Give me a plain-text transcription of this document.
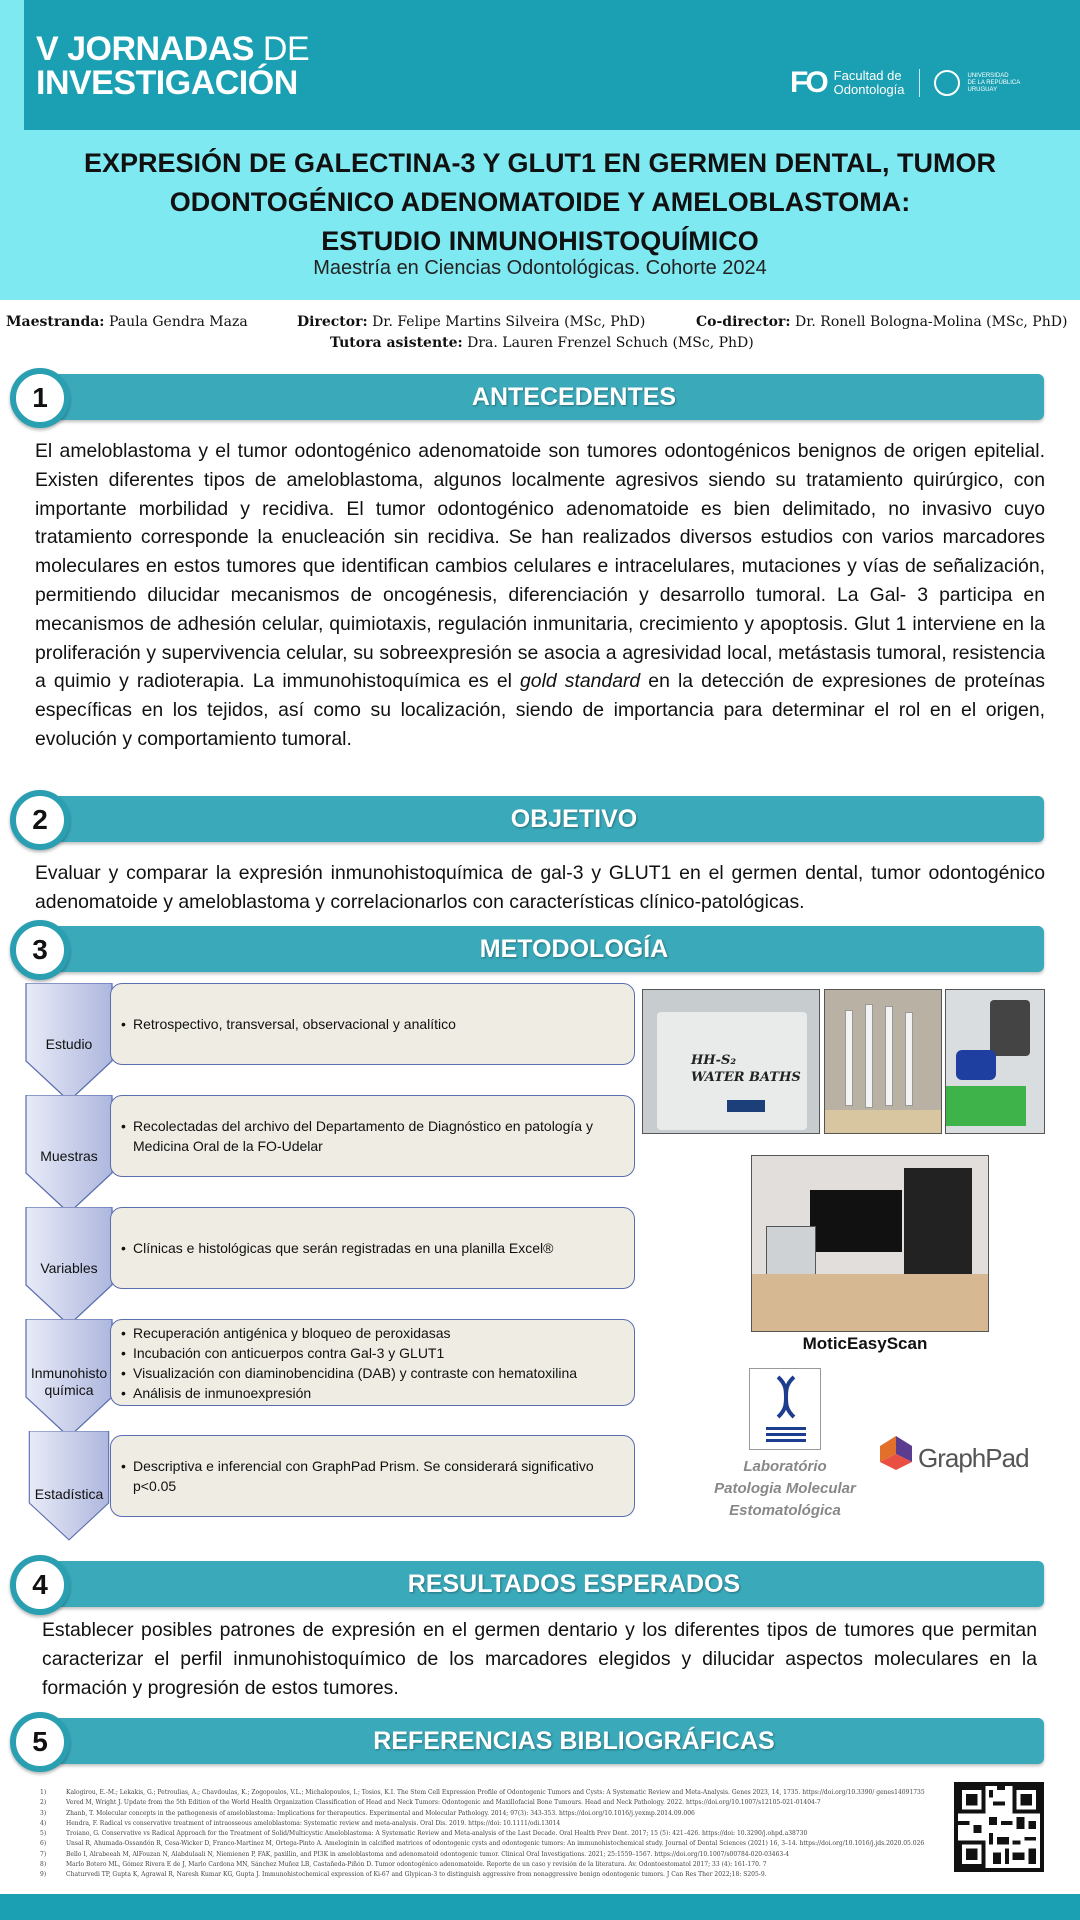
V JORNADAS DE
INVESTIGACIÓN	FO Facultad de
Odontología
UNIVERSIDAD
DE LA REPÚBLICA
URUGUAY
EXPRESIÓN DE GALECTINA-3 Y GLUT1 EN GERMEN DENTAL, TUMOR
ODONTOGÉNICO ADENOMATOIDE Y AMELOBLASTOMA:
ESTUDIO INMUNOHISTOQUÍMICO
Maestría en Ciencias Odontológicas. Cohorte 2024
Maestranda: Paula Gendra Maza	Director: Dr. Felipe Martins Silveira (MSc, PhD)	Co-director: Dr. Ronell Bologna-Molina (MSc, PhD)
Tutora asistente: Dra. Lauren Frenzel Schuch (MSc, PhD)
ANTECEDENTES
1
El ameloblastoma y el tumor odontogénico adenomatoide son tumores odontogénicos benignos de origen epitelial. Existen diferentes tipos de ameloblastoma, algunos localmente agresivos siendo su tratamiento quirúrgico, con importante morbilidad y recidiva. El tumor odontogénico adenomatoide es bien delimitado, no invasivo cuyo tratamiento corresponde la enucleación sin recidiva. Se han realizados diversos estudios con varios marcadores moleculares en estos tumores que identifican cambios celulares e intracelulares, mutaciones y vías de señalización, permitiendo dilucidar mecanismos de oncogénesis, diferenciación y desarrollo tumoral. La Gal- 3 participa en mecanismos de adhesión celular, quimiotaxis, regulación inmunitaria, crecimiento y apoptosis. Glut 1 interviene en la proliferación y supervivencia celular, su sobreexpresión se asocia a agresividad local, metástasis tumoral, resistencia a quimio y radioterapia. La immunohistoquímica es el gold standard en la detección de expresiones de proteínas específicas en los tejidos, así como su localización, siendo de importancia para determinar el rol en el origen, evolución y comportamiento tumoral.
OBJETIVO
2
Evaluar y comparar la expresión inmunohistoquímica de gal-3 y GLUT1 en el germen dental, tumor odontogénico adenomatoide y ameloblastoma y correlacionarlos con características clínico-patológicas.
METODOLOGÍA
3
Estudio
Muestras
Variables
Inmunohisto química
Estadística
• Retrospectivo, transversal, observacional y analítico
• Recolectadas del archivo del Departamento de Diagnóstico en patología y Medicina Oral de la FO-Udelar
• Clínicas e histológicas que serán registradas en una planilla Excel®
• Recuperación antigénica y bloqueo de peroxidasas
• Incubación con anticuerpos contra Gal-3 y GLUT1
• Visualización con diaminobencidina (DAB) y contraste con hematoxilina
• Análisis de inmunoexpresión
• Descriptiva e inferencial con GraphPad Prism. Se considerará significativo p<0.05
HH-S₂
WATER BATHS
MoticEasyScan
Laboratório
Patologia Molecular
Estomatológica
GraphPad
RESULTADOS ESPERADOS
4
Establecer posibles patrones de expresión en el germen dentario y los diferentes tipos de tumores que permitan caracterizar el perfil inmunohistoquímico de los marcadores elegidos y dilucidar aspectos moleculares en la formación y progresión de estos tumores.
REFERENCIAS BIBLIOGRÁFICAS
5
1)	Kalogirou, E.-M.; Lekakis, G.; Petroulias, A.; Chavdoulas, K.; Zogopoulos, V.L.; Michalopoulos, I.; Tosios, K.I. The Stem Cell Expression Profile of Odontogenic Tumors and Cysts: A Systematic Review and Meta-Analysis. Genes 2023, 14, 1735. https://doi.org/10.3390/ genes14091735
2)	Vered M, Wright J. Update from the 5th Edition of the World Health Organization Classification of Head and Neck Tumors: Odontogenic and Maxillofacial Bone Tumours. Head and Neck Pathology. 2022. https://doi.org/10.1007/s12105-021-01404-7
3)	Zhanb, T. Molecular concepts in the pathogenesis of ameloblastoma: Implications for therapeutics. Experimental and Molecular Pathology. 2014; 97(3): 343-353. https://doi.org/10.1016/j.yexmp.2014.09.006
4)	Hendra, F. Radical vs conservative treatment of intraosseous ameloblastoma: Systematic review and meta-analysis. Oral Dis. 2019. https://doi: 10.1111/odi.13014
5)	Troiano, G. Conservative vs Radical Approach for the Treatment of Solid/Multicystic Ameloblastoma: A Systematic Review and Meta-analysis of the Last Decade. Oral Health Prev Dent. 2017; 15 (5): 421–426. https://doi: 10.3290/j.ohpd.a38730
6)	Unsal R, Ahumada-Ossandón R, Cesa-Wicker D, Franco-Martínez M, Ortega-Pinto A. Ameloginin in calcified matrices of odontogenic cysts and odontogenic tumors: An immunohistochemical study. Journal of Dental Sciences (2021) 16, 3–14. https://doi.org/10.1016/j.jds.2020.05.026
7)	Bello I, Alrabeeah M, AlFouzan N, Alabdulaali N, Niemienen P, FAK, paxillin, and PI3K in ameloblastoma and adenomatoid odontogenic tumor. Clinical Oral Investigations. 2021; 25:1559–1567. https://doi.org/10.1007/s00784-020-03463-4
8)	Marlo Botero ML, Gómez Rivera E de J, Marlo Cardona MN, Sánchez Muñoz LB, Castañeda-Piñón D. Tumor odontogénico adenomatoide. Reporte de un caso y revisión de la literatura. Av. Odontoestomatol 2017; 33 (4): 161-170. 7
9)	Chaturvedi TP, Gupta K, Agrawal R, Naresh Kumar KG, Gupta J. Immunohistochemical expression of Ki-67 and Glypican-3 to distinguish aggressive from nonaggressive benign odontogenic tumors. J Can Res Ther 2022;18: S205-9.
